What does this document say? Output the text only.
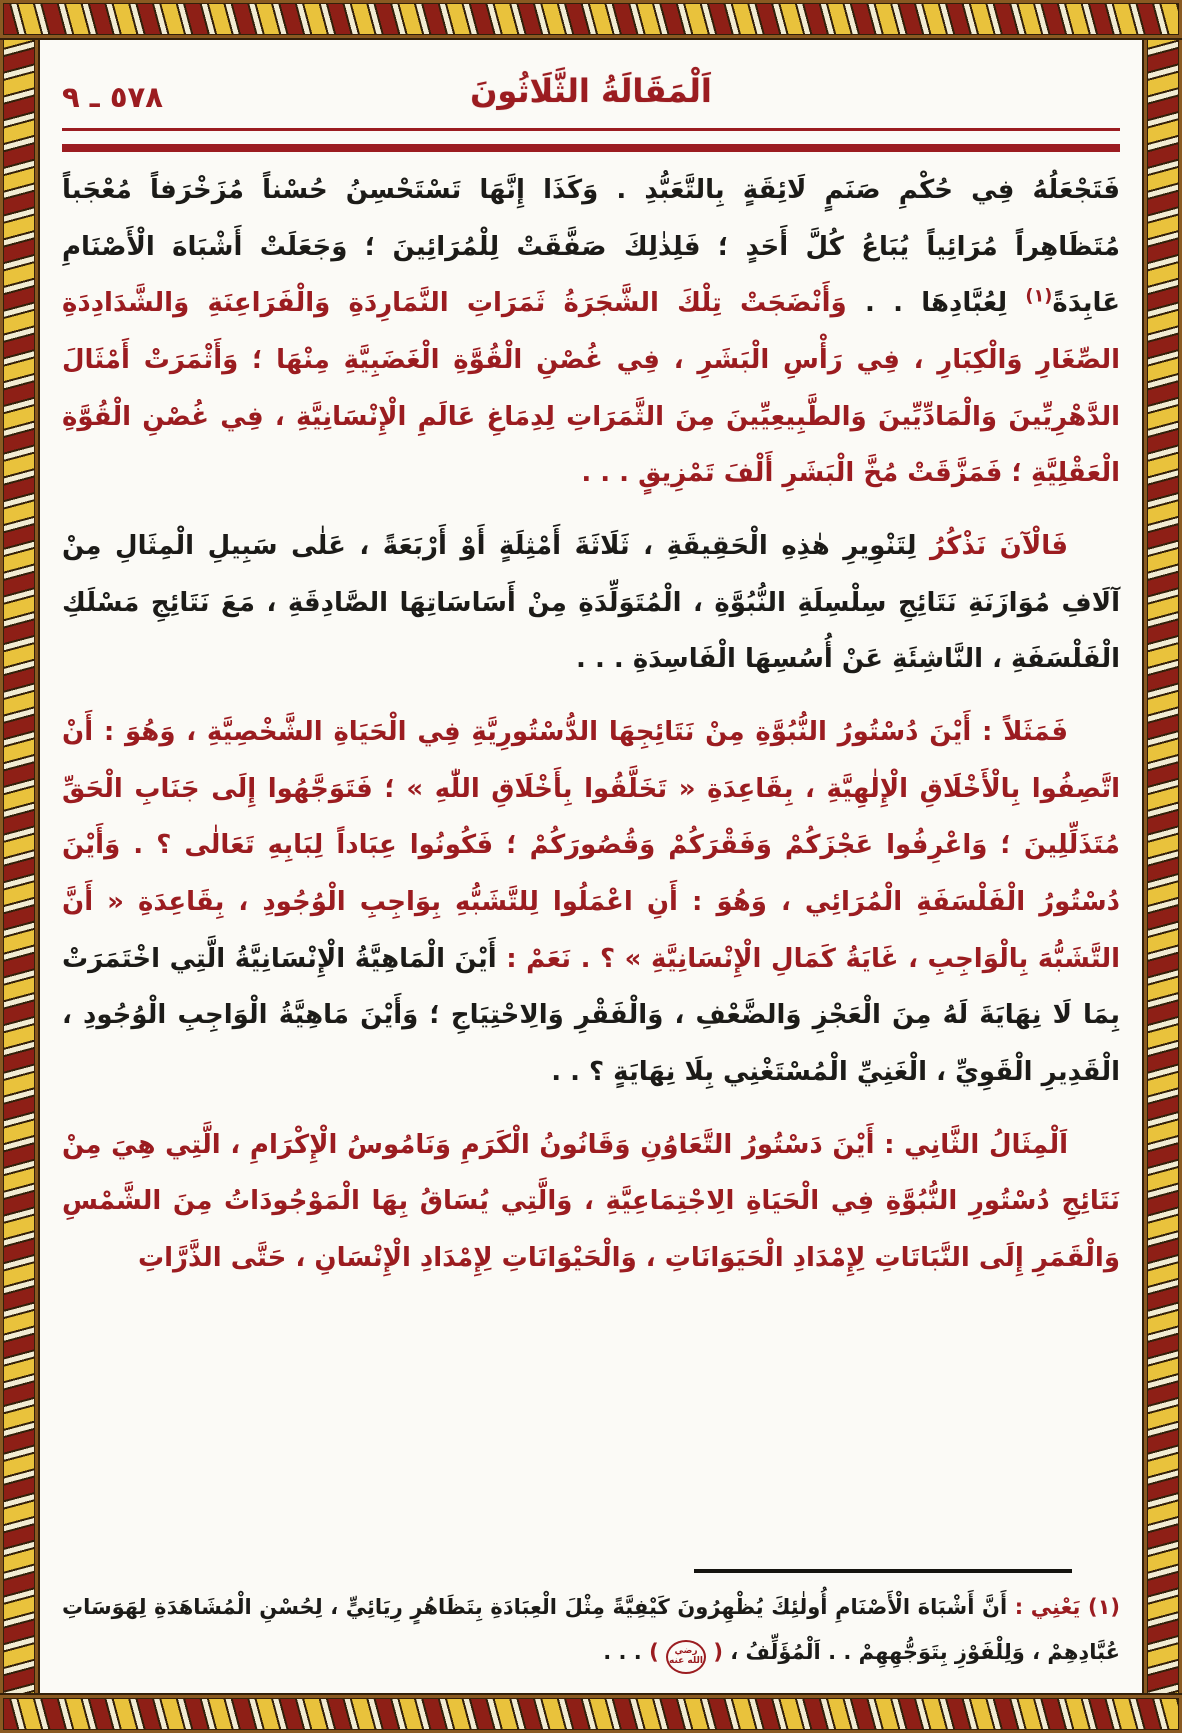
٥٧٨ ـ ٩	اَلْمَقَالَةُ الثَّلَاثُونَ

فَتَجْعَلُهُ فِي حُكْمِ صَنَمٍ لَائِقَةٍ بِالتَّعَبُّدِ . وَكَذَا إِنَّهَا تَسْتَحْسِنُ حُسْناً مُزَخْرَفاً مُعْجَباً مُتَظَاهِراً مُرَائِياً يُبَاعُ كُلَّ أَحَدٍ ؛ فَلِذٰلِكَ صَفَّقَتْ لِلْمُرَائِينَ ؛ وَجَعَلَتْ أَشْبَاهَ الْأَصْنَامِ عَابِدَةً$^{(١)}$ لِعُبَّادِهَا . . وَأَنْضَجَتْ تِلْكَ الشَّجَرَةُ ثَمَرَاتِ النَّمَارِدَةِ وَالْفَرَاعِنَةِ وَالشَّدَادِدَةِ الصِّغَارِ وَالْكِبَارِ ، فِي رَأْسِ الْبَشَرِ ، فِي غُصْنِ الْقُوَّةِ الْغَضَبِيَّةِ مِنْهَا ؛ وَأَثْمَرَتْ أَمْثَالَ الدَّهْرِيِّينَ وَالْمَادِّيِّينَ وَالطَّبِيعِيِّينَ مِنَ الثَّمَرَاتِ لِدِمَاغِ عَالَمِ الْإِنْسَانِيَّةِ ، فِي غُصْنِ الْقُوَّةِ الْعَقْلِيَّةِ ؛ فَمَزَّقَتْ مُخَّ الْبَشَرِ أَلْفَ تَمْزِيقٍ . . .

فَالْآنَ نَذْكُرُ لِتَنْوِيرِ هٰذِهِ الْحَقِيقَةِ ، ثَلَاثَةَ أَمْثِلَةٍ أَوْ أَرْبَعَةً ، عَلٰى سَبِيلِ الْمِثَالِ مِنْ آلَافِ مُوَازَنَةِ نَتَائِجِ سِلْسِلَةِ النُّبُوَّةِ ، الْمُتَوَلِّدَةِ مِنْ أَسَاسَاتِهَا الصَّادِقَةِ ، مَعَ نَتَائِجِ مَسْلَكِ الْفَلْسَفَةِ ، النَّاشِئَةِ عَنْ أُسُسِهَا الْفَاسِدَةِ . . .

فَمَثَلاً : أَيْنَ دُسْتُورُ النُّبُوَّةِ مِنْ نَتَائِجِهَا الدُّسْتُورِيَّةِ فِي الْحَيَاةِ الشَّخْصِيَّةِ ، وَهُوَ : أَنْ اتَّصِفُوا بِالْأَخْلَاقِ الْإِلٰهِيَّةِ ، بِقَاعِدَةِ « تَخَلَّقُوا بِأَخْلَاقِ اللّٰهِ » ؛ فَتَوَجَّهُوا إِلَى جَنَابِ الْحَقِّ مُتَذَلِّلِينَ ؛ وَاعْرِفُوا عَجْزَكُمْ وَفَقْرَكُمْ وَقُصُورَكُمْ ؛ فَكُونُوا عِبَاداً لِبَابِهِ تَعَالٰى ؟ . وَأَيْنَ دُسْتُورُ الْفَلْسَفَةِ الْمُرَائِي ، وَهُوَ : أَنِ اعْمَلُوا لِلتَّشَبُّهِ بِوَاجِبِ الْوُجُودِ ، بِقَاعِدَةِ « أَنَّ التَّشَبُّهَ بِالْوَاجِبِ ، غَايَةُ كَمَالِ الْإِنْسَانِيَّةِ » ؟ . نَعَمْ : أَيْنَ الْمَاهِيَّةُ الْإِنْسَانِيَّةُ الَّتِي اخْتَمَرَتْ بِمَا لَا نِهَايَةَ لَهُ مِنَ الْعَجْزِ وَالضَّعْفِ ، وَالْفَقْرِ وَالِاحْتِيَاجِ ؛ وَأَيْنَ مَاهِيَّةُ الْوَاجِبِ الْوُجُودِ ، الْقَدِيرِ الْقَوِيِّ ، الْغَنِيِّ الْمُسْتَغْنِي بِلَا نِهَايَةٍ ؟ . .

اَلْمِثَالُ الثَّانِي : أَيْنَ دَسْتُورُ التَّعَاوُنِ وَقَانُونُ الْكَرَمِ وَنَامُوسُ الْإِكْرَامِ ، الَّتِي هِيَ مِنْ نَتَائِجِ دُسْتُورِ النُّبُوَّةِ فِي الْحَيَاةِ الِاجْتِمَاعِيَّةِ ، وَالَّتِي يُسَاقُ بِهَا الْمَوْجُودَاتُ مِنَ الشَّمْسِ وَالْقَمَرِ إِلَى النَّبَاتَاتِ لِإِمْدَادِ الْحَيَوَانَاتِ ، وَالْحَيْوَانَاتِ لِإِمْدَادِ الْإِنْسَانِ ، حَتَّى الذَّرَّاتِ

(١) يَعْنِي : أَنَّ أَشْبَاهَ الْأَصْنَامِ أُولٰئِكَ يُظْهِرُونَ كَيْفِيَّةً مِثْلَ الْعِبَادَةِ بِتَظَاهُرٍ رِيَائِيٍّ ، لِحُسْنِ الْمُشَاهَدَةِ لِهَوَسَاتِ عُبَّادِهِمْ ، وَلِلْفَوْزِ بِتَوَجُّهِهِمْ . . اَلْمُؤَلِّفُ ، ( رضي الله عنه ) . . .
